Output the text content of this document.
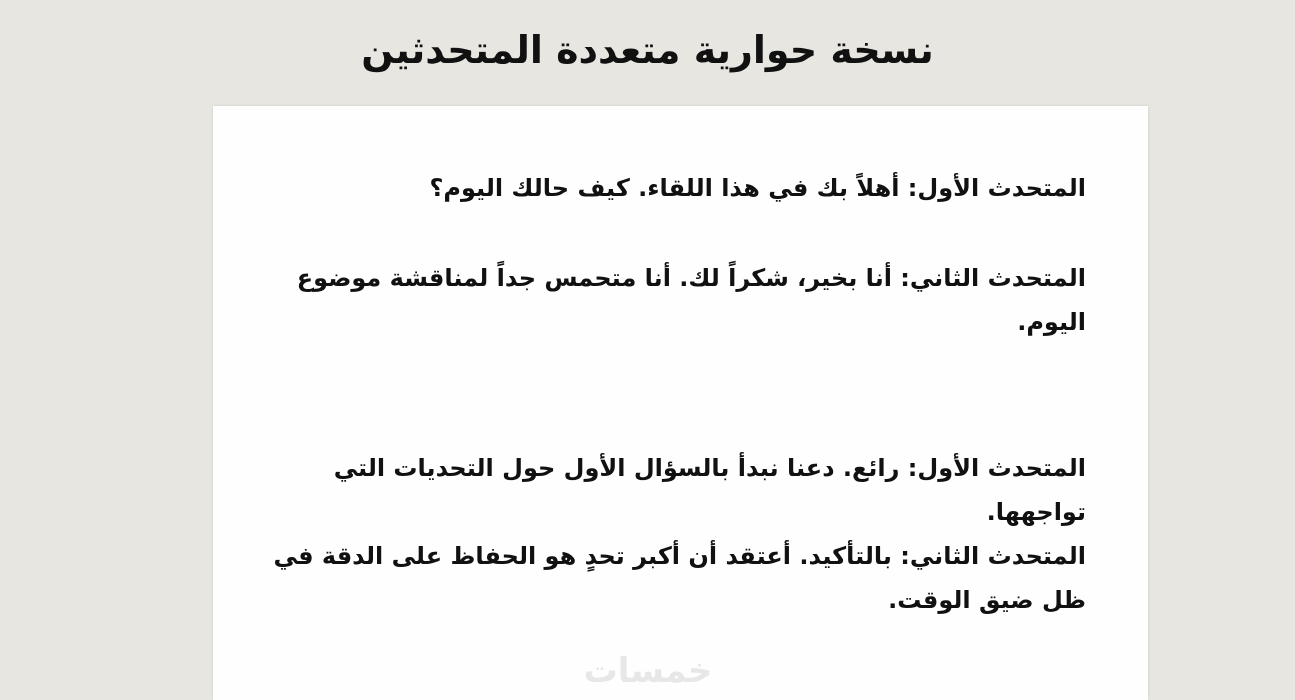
نسخة حوارية متعددة المتحدثين
المتحدث الأول: أهلاً بك في هذا اللقاء. كيف حالك اليوم؟
المتحدث الثاني: أنا بخير، شكراً لك. أنا متحمس جداً لمناقشة موضوع اليوم.
المتحدث الأول: رائع. دعنا نبدأ بالسؤال الأول حول التحديات التي تواجهها.
المتحدث الثاني: بالتأكيد. أعتقد أن أكبر تحدٍ هو الحفاظ على الدقة في ظل ضيق الوقت.
خمسات
